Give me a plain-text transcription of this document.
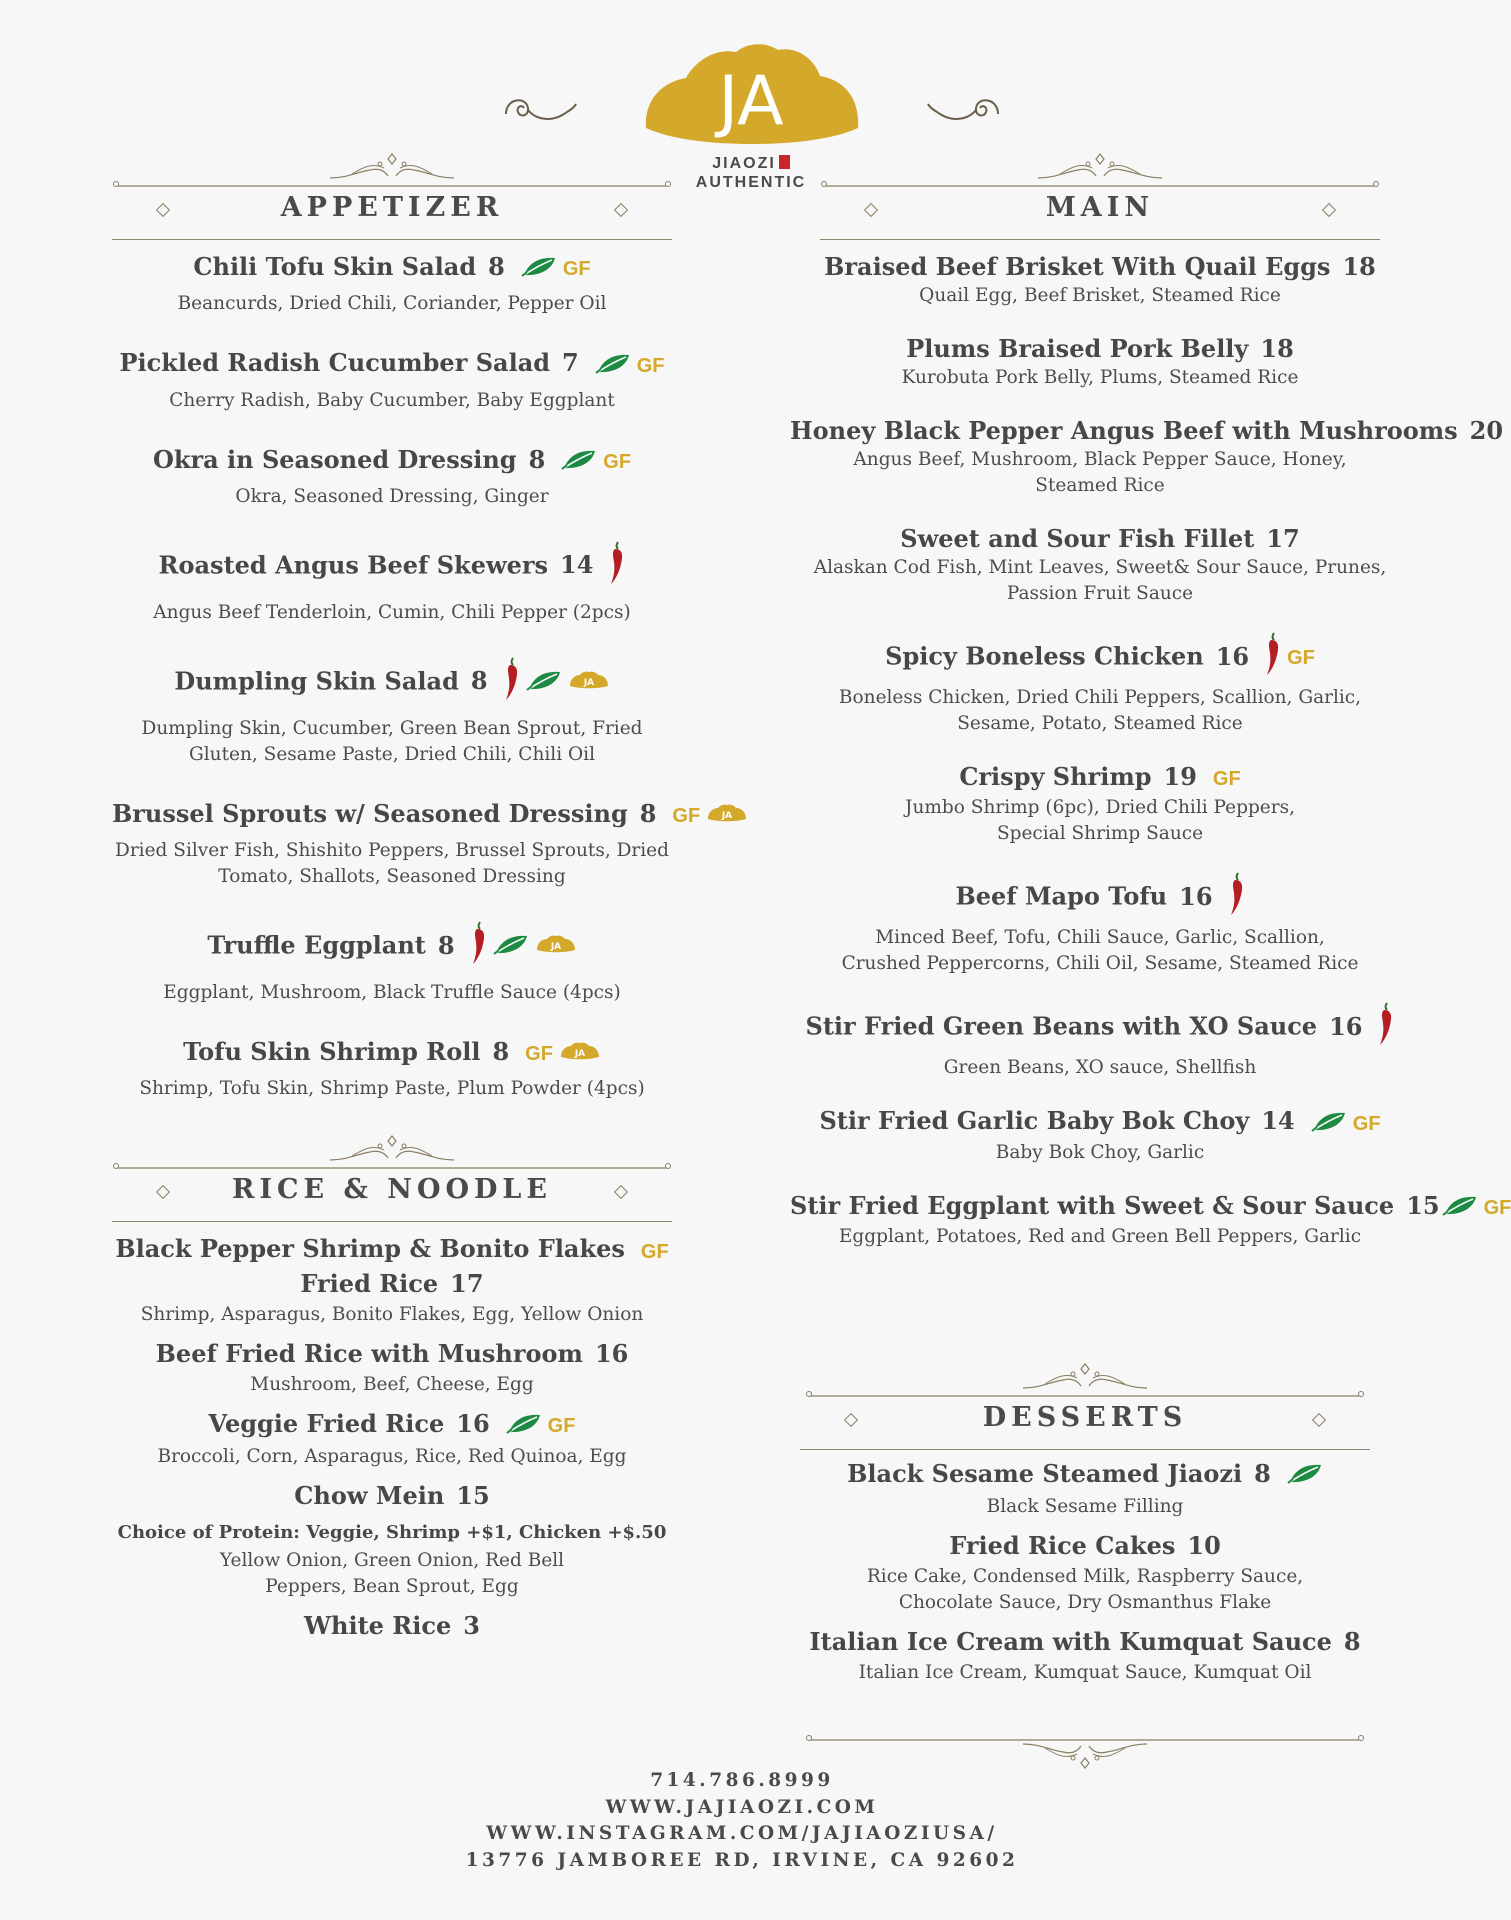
JA
JIAOZI
AUTHENTIC
APPETIZER
Chili Tofu Skin Salad 8	GF
Beancurds, Dried Chili, Coriander, Pepper Oil
Pickled Radish Cucumber Salad 7	GF
Cherry Radish, Baby Cucumber, Baby Eggplant
Okra in Seasoned Dressing 8	GF
Okra, Seasoned Dressing, Ginger
Roasted Angus Beef Skewers 14
Angus Beef Tenderloin, Cumin, Chili Pepper (2pcs)
Dumpling Skin Salad 8
Dumpling Skin, Cucumber, Green Bean Sprout, Fried Gluten, Sesame Paste, Dried Chili, Chili Oil
Brussel Sprouts w/ Seasoned Dressing 8 GF
Dried Silver Fish, Shishito Peppers, Brussel Sprouts, Dried Tomato, Shallots, Seasoned Dressing
Truffle Eggplant 8
Eggplant, Mushroom, Black Truffle Sauce (4pcs)
Tofu Skin Shrimp Roll 8 GF
Shrimp, Tofu Skin, Shrimp Paste, Plum Powder (4pcs)
RICE & NOODLE
Black Pepper Shrimp & Bonito Flakes GF
Fried Rice 17
Shrimp, Asparagus, Bonito Flakes, Egg, Yellow Onion
Beef Fried Rice with Mushroom 16
Mushroom, Beef, Cheese, Egg
Veggie Fried Rice 16	GF
Broccoli, Corn, Asparagus, Rice, Red Quinoa, Egg
Chow Mein 15
Choice of Protein: Veggie, Shrimp +$1, Chicken +$.50
Yellow Onion, Green Onion, Red Bell Peppers, Bean Sprout, Egg
White Rice 3
MAIN
Braised Beef Brisket With Quail Eggs 18
Quail Egg, Beef Brisket, Steamed Rice
Plums Braised Pork Belly 18
Kurobuta Pork Belly, Plums, Steamed Rice
Honey Black Pepper Angus Beef with Mushrooms 20
Angus Beef, Mushroom, Black Pepper Sauce, Honey, Steamed Rice
Sweet and Sour Fish Fillet 17
Alaskan Cod Fish, Mint Leaves, Sweet& Sour Sauce, Prunes, Passion Fruit Sauce
Spicy Boneless Chicken 16 GF
Boneless Chicken, Dried Chili Peppers, Scallion, Garlic, Sesame, Potato, Steamed Rice
Crispy Shrimp 19 GF
Jumbo Shrimp (6pc), Dried Chili Peppers, Special Shrimp Sauce
Beef Mapo Tofu 16
Minced Beef, Tofu, Chili Sauce, Garlic, Scallion, Crushed Peppercorns, Chili Oil, Sesame, Steamed Rice
Stir Fried Green Beans with XO Sauce 16
Green Beans, XO sauce, Shellfish
Stir Fried Garlic Baby Bok Choy 14	GF
Baby Bok Choy, Garlic
Stir Fried Eggplant with Sweet & Sour Sauce 15 GF
Eggplant, Potatoes, Red and Green Bell Peppers, Garlic
DESSERTS
Black Sesame Steamed Jiaozi 8
Black Sesame Filling
Fried Rice Cakes 10
Rice Cake, Condensed Milk, Raspberry Sauce, Chocolate Sauce, Dry Osmanthus Flake
Italian Ice Cream with Kumquat Sauce 8
Italian Ice Cream, Kumquat Sauce, Kumquat Oil
714.786.8999
WWW.JAJIAOZI.COM
WWW.INSTAGRAM.COM/JAJIAOZIUSA/
13776 JAMBOREE RD, IRVINE, CA 92602
